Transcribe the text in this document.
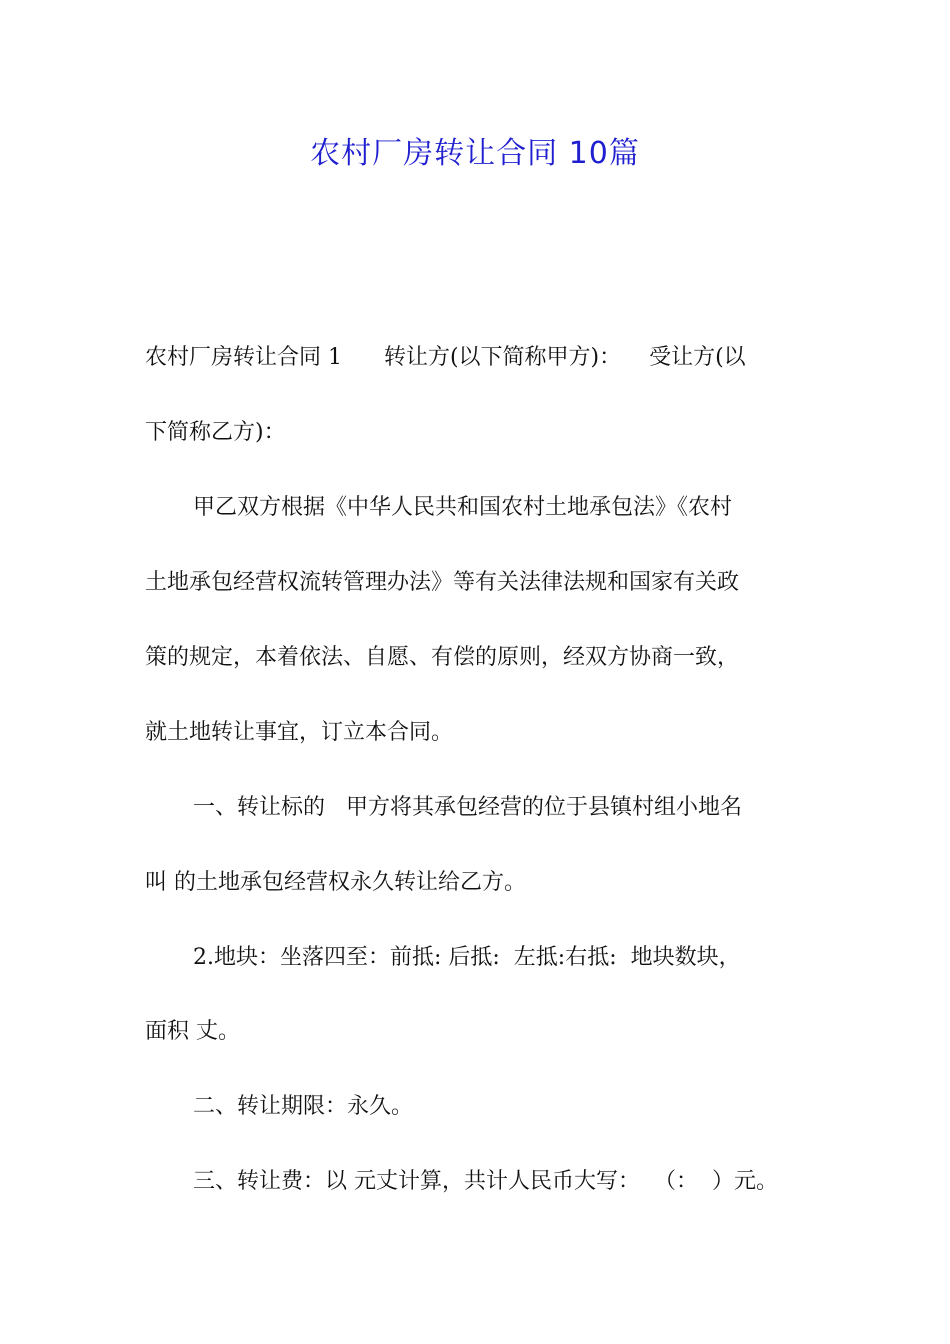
农村厂房转让合同 10篇
农村厂房转让合同 1      转让方(以下简称甲方)：    受让方(以
下简称乙方)：
甲乙双方根据《中华人民共和国农村土地承包法》《农村
土地承包经营权流转管理办法》等有关法律法规和国家有关政
策的规定，本着依法、自愿、有偿的原则，经双方协商一致，
就土地转让事宜，订立本合同。
一、转让标的   甲方将其承包经营的位于县镇村组小地名
叫 的土地承包经营权永久转让给乙方。
2.地块：坐落四至：前抵: 后抵:  左抵:右抵:  地块数块，
面积 丈。
二、转让期限：永久。
三、转让费：以 元丈计算，共计人民币大写：  （：  ）元。
